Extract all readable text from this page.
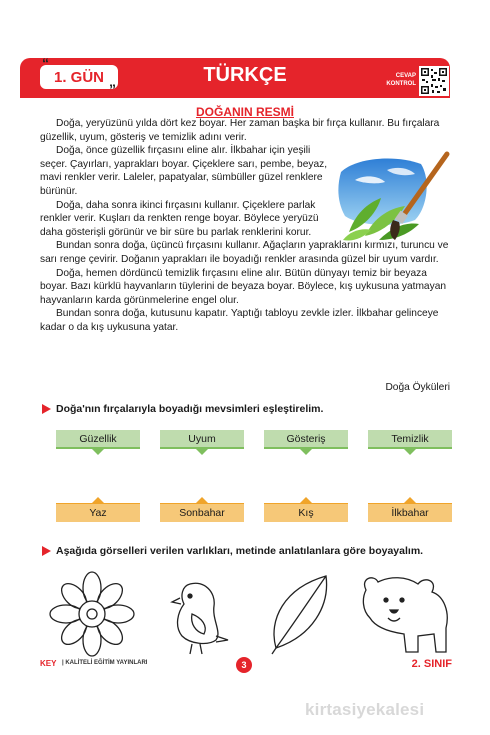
“
1. GÜN
”
TÜRKÇE	CEVAP
KONTROL
DOĞANIN RESMİ

Doğa, yeryüzünü yılda dört kez boyar. Her zaman başka bir fırça kullanır. Bu fırçalara güzellik, uyum, gösteriş ve temizlik adını verir.

Doğa, önce güzellik fırçasını eline alır. İlkbahar için yeşili seçer. Çayırları, yaprakları boyar. Çiçeklere sarı, pembe, beyaz, mavi renkler verir. Laleler, papatyalar, sümbüller güzel renklere bürünür.

Doğa, daha sonra ikinci fırçasını kullanır. Çiçeklere parlak renkler verir. Kuşları da renkten renge boyar. Böylece yeryüzü daha gösterişli görünür ve bir süre bu parlak renklerini korur.

Bundan sonra doğa, üçüncü fırçasını kullanır. Ağaçların yapraklarını kırmızı, turuncu ve sarı renge çevirir. Doğanın yaprakları ile boyadığı renkler arasında güzel bir uyum vardır.

Doğa, hemen dördüncü temizlik fırçasını eline alır. Bütün dünyayı temiz bir beyaza boyar. Bazı kürklü hayvanların tüylerini de beyaza boyar. Böylece, kış uykusuna yatmayan hayvanların karda görünmelerine engel olur.

Bundan sonra doğa, kutusunu kapatır. Yaptığı tabloyu zevkle izler. İlkbahar gelinceye kadar o da kış uykusuna yatar.

Doğa Öyküleri
Doğa'nın fırçalarıyla boyadığı mevsimleri eşleştirelim.
Güzellik	Uyum	Gösteriş	Temizlik
Yaz	Sonbahar	Kış	İlkbahar
Aşağıda görselleri verilen varlıkları, metinde anlatılanlara göre boyayalım.
KEY | KALİTELİ EĞİTİM YAYINLARI	3	2. SINIF
kirtasiyekalesi
